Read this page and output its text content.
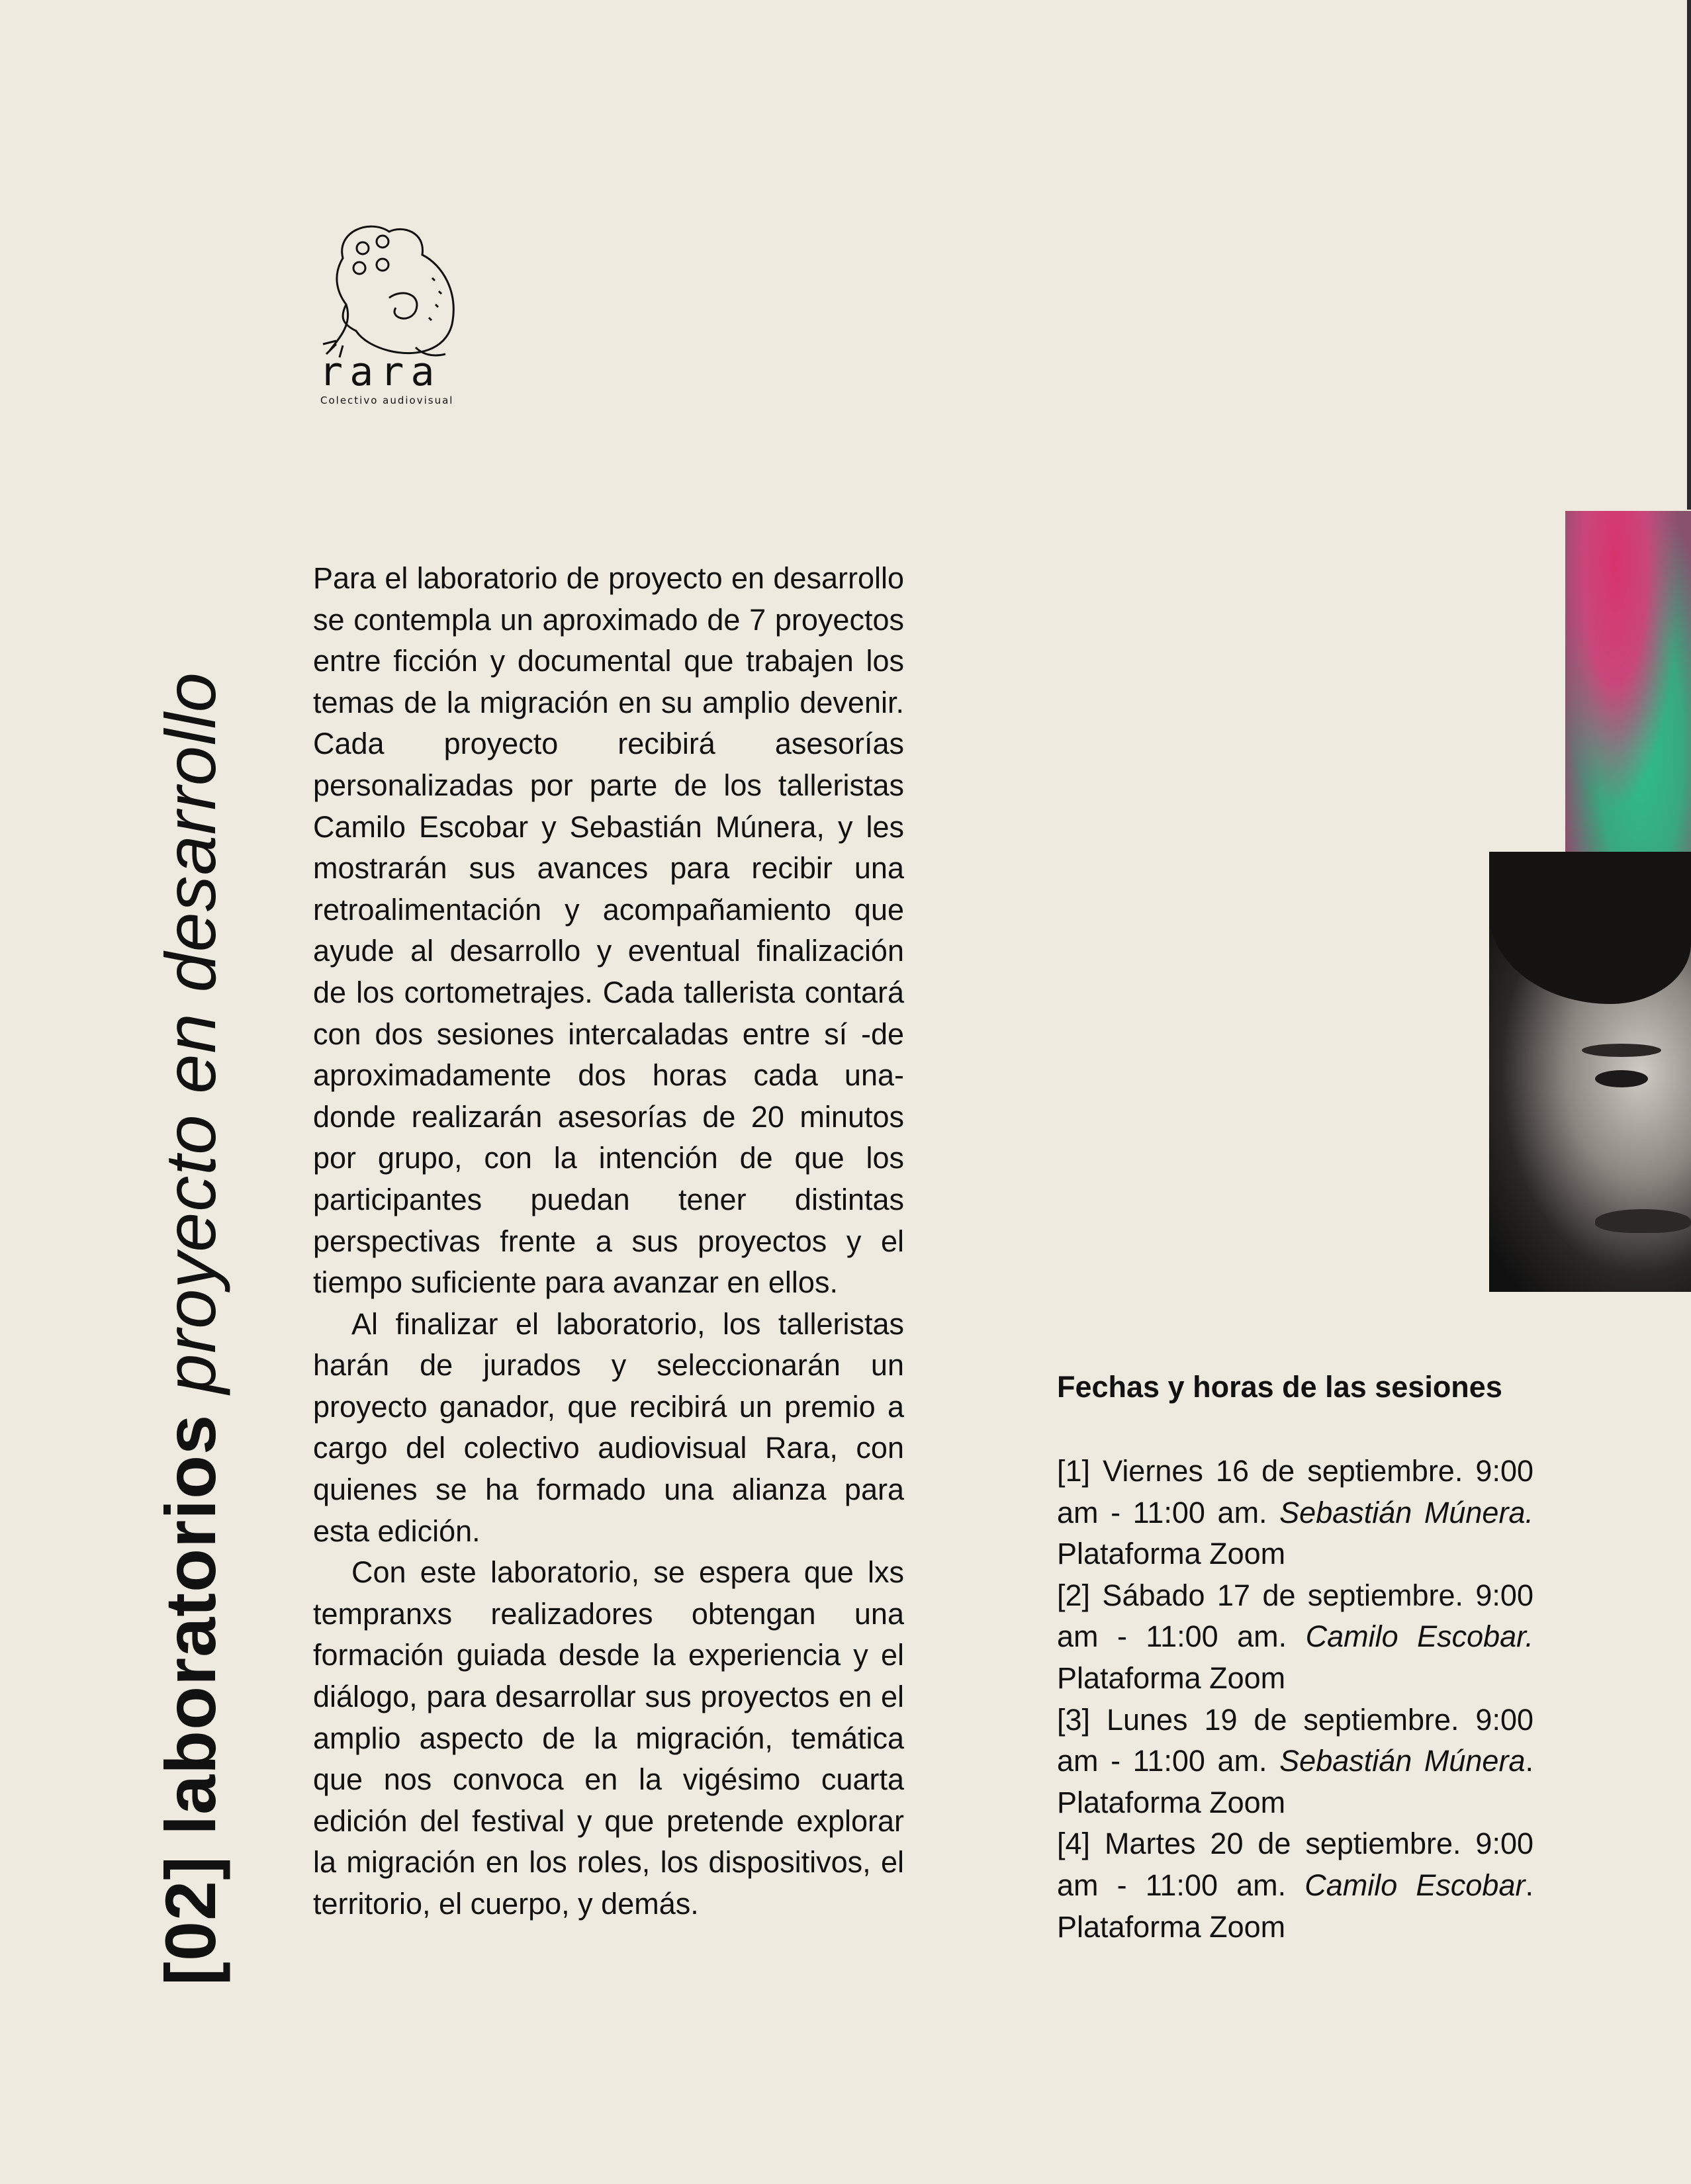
[02] laboratorios proyecto en desarrollo
rara
Colectivo audiovisual

Para el laboratorio de proyecto en desarrollo se contempla un aproximado de 7 proyectos entre ficción y documental que trabajen los temas de la migración en su amplio devenir. Cada proyecto recibirá asesorías personalizadas por parte de los talleristas Camilo Escobar y Sebastián Múnera, y les mostrarán sus avances para recibir una retroalimentación y acompañamiento que ayude al desarrollo y eventual finalización de los cortometrajes. Cada tallerista contará con dos sesiones intercaladas entre sí -de aproximadamente dos horas cada una- donde realizarán asesorías de 20 minutos por grupo, con la intención de que los participantes puedan tener distintas perspectivas frente a sus proyectos y el tiempo suficiente para avanzar en ellos.

Al finalizar el laboratorio, los talleristas harán de jurados y seleccionarán un proyecto ganador, que recibirá un premio a cargo del colectivo audiovisual Rara, con quienes se ha formado una alianza para esta edición.

Con este laboratorio, se espera que lxs tempranxs realizadores obtengan una formación guiada desde la experiencia y el diálogo, para desarrollar sus proyectos en el amplio aspecto de la migración, temática que nos convoca en la vigésimo cuarta edición del festival y que pretende explorar la migración en los roles, los dispositivos, el territorio, el cuerpo, y demás.

Fechas y horas de las sesiones

[1] Viernes 16 de septiembre. 9:00 am - 11:00 am. Sebastián Múnera. Plataforma Zoom

[2] Sábado 17 de septiembre. 9:00 am - 11:00 am. Camilo Escobar. Plataforma Zoom

[3] Lunes 19 de septiembre. 9:00 am - 11:00 am. Sebastián Múnera. Plataforma Zoom

[4] Martes 20 de septiembre. 9:00 am - 11:00 am. Camilo Escobar. Plataforma Zoom
